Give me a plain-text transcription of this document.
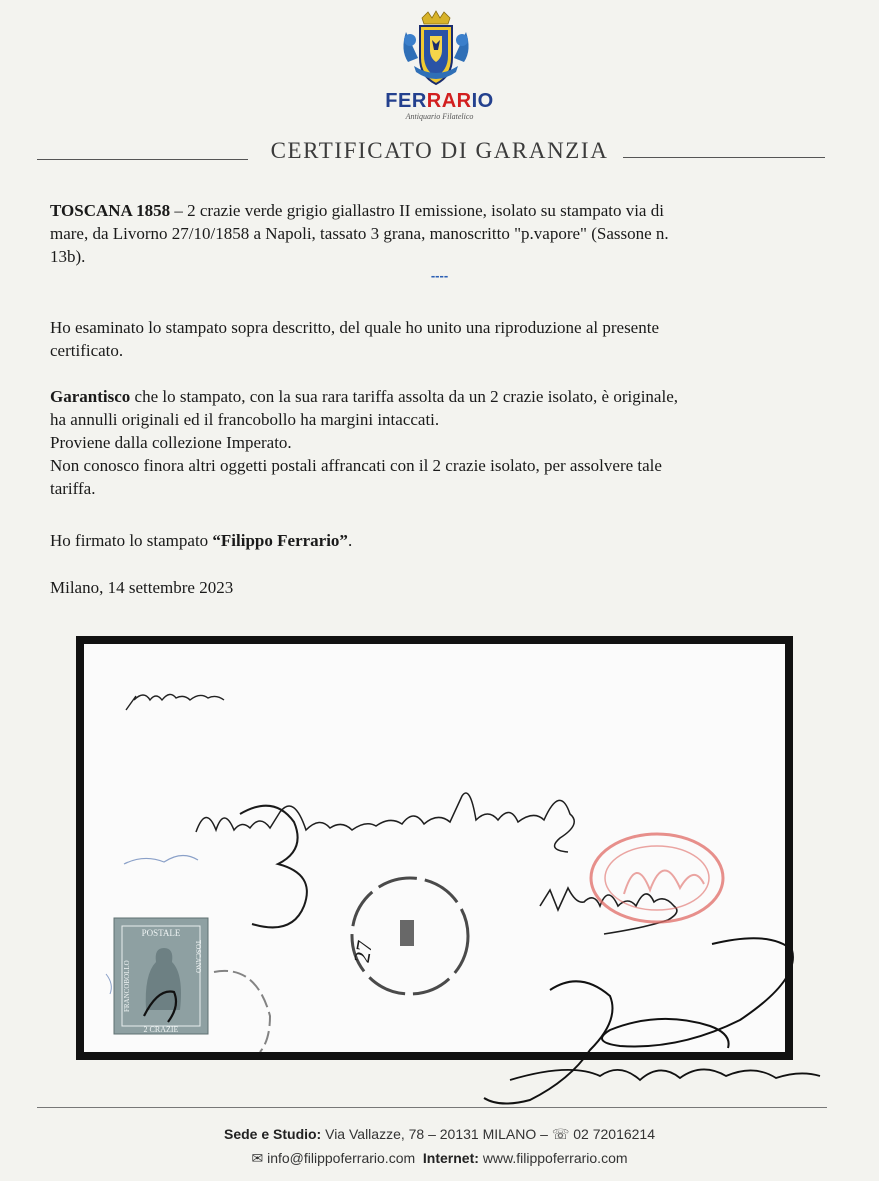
FERRARIO
Antiquario Filatelico
CERTIFICATO DI GARANZIA

TOSCANA 1858 – 2 crazie verde grigio giallastro II emissione, isolato su stampato via di
mare, da Livorno 27/10/1858 a Napoli, tassato 3 grana, manoscritto "p.vapore" (Sassone n.
13b).

----

Ho esaminato lo stampato sopra descritto, del quale ho unito una riproduzione al presente
certificato.

Garantisco che lo stampato, con la sua rara tariffa assolta da un 2 crazie isolato, è originale,
ha annulli originali ed il francobollo ha margini intaccati.
Proviene dalla collezione Imperato.
Non conosco finora altri oggetti postali affrancati con il 2 crazie isolato, per assolvere tale
tariffa.

Ho firmato lo stampato “Filippo Ferrario”.

Milano, 14 settembre 2023

27
POSTALE
2 CRAZIE
FRANCOBOLLO
TOSCANO
Sede e Studio: Via Vallazze, 78 – 20131 MILANO – ☏ 02 72016214
✉ info@filippoferrario.com Internet: www.filippoferrario.com
